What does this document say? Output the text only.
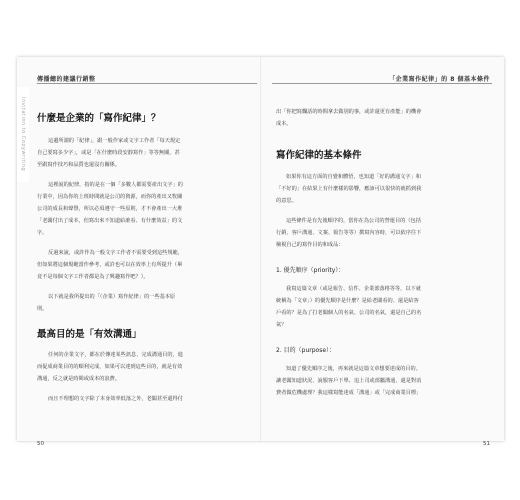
Invitation to Copywriting
傳播總的建議行銷整
什麼是企業的「寫作紀律」？
這邊所謂的「紀律」，跟一般作家或文字工作者「每天規定
自己要寫多少字」，或是「在什麼時段安靜寫作」等等無關，甚
至跟寫作技巧和品質也還沒有關係。
這裡說的紀律，指的是在一個「多數人都需要產出文字」的
行業中，因為你的上班時間就是公司的資源，而你的產出又牧關
公司的成長和聲譽，所以必須遵守一些原則，才不會產出一大堆
「老闆付出了成本，但寫出來不知道給誰看、有什麼效益」的文
字。
反過來說，或許作為一般文字工作者不需要受到這些規範，
但如果將這個規範當作參考，或許也可以在效率上有所提升（畢
竟不是每個文字工作者都是為了興趣寫作吧？）。
以下就是我所提出的「（企業）寫作紀律」的一些基本原
則。
最高目的是「有效溝通」
任何的企業文字，都在於傳達某些訊息、完成溝通目的，進
而促成商業目的的順利完成，如果可以達到這些目的，就是有效
溝通，反之就是時間或成本的浪費。
而且不理想的文字除了本身效率低落之外，老闆甚至還得付
50
「企業寫作紀律」的 8 個基本條件
出「你把寫爛話的時間拿去做別的事，或許還更有產能」的機會
成本。
寫作紀律的基本條件
如果你有這方面的自覺和體悟，也知道「好的溝通文字」和
「不好的」在結果上有什麼樣的影響，應該可以很快的就抓到我
的意思。
這些條件是有先後順序的，當你在為公司的營運目的（包括
行銷、客戶溝通、文案、報告等等）撰寫內容時，可以依序往下
檢視自己的寫作目的和成品：
1. 優先順序（priority）：
我寫這篇文章（或是報告、信件、企業部落格等等，以下就
統稱為「文章」）的優先順序是什麼？是給老闆看的、還是給客
戶看的？是為了打老闆個人的名氣、公司的名氣，還是自己的名
氣？
2. 目的（purpose）：
知道了優先順序之後，再來就是這篇文章想要達成的目的。
讓老闆知道狀況、說服客戶下單、追上司或部屬溝通，還是對消
費者做危機處理？我這樣寫能達成「溝通」或「完成商業目標」
51
